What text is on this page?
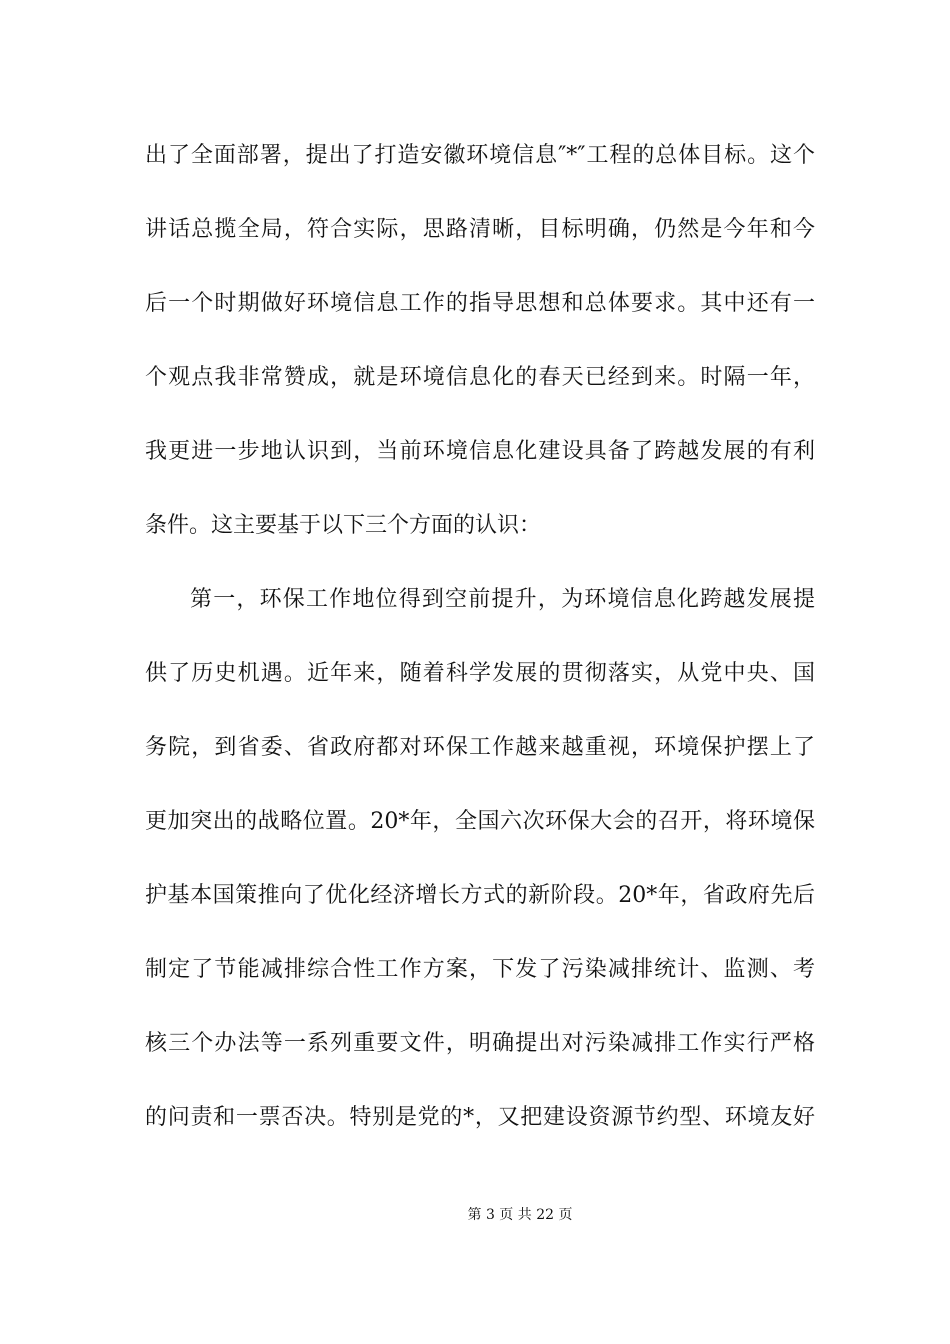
出了全面部署，提出了打造安徽环境信息″*″工程的总体目标。这个
讲话总揽全局，符合实际，思路清晰，目标明确，仍然是今年和今
后一个时期做好环境信息工作的指导思想和总体要求。其中还有一
个观点我非常赞成，就是环境信息化的春天已经到来。时隔一年，
我更进一步地认识到，当前环境信息化建设具备了跨越发展的有利
条件。这主要基于以下三个方面的认识：
第一，环保工作地位得到空前提升，为环境信息化跨越发展提
供了历史机遇。近年来，随着科学发展的贯彻落实，从党中央、国
务院，到省委、省政府都对环保工作越来越重视，环境保护摆上了
更加突出的战略位置。20*年，全国六次环保大会的召开，将环境保
护基本国策推向了优化经济增长方式的新阶段。20*年，省政府先后
制定了节能减排综合性工作方案，下发了污染减排统计、监测、考
核三个办法等一系列重要文件，明确提出对污染减排工作实行严格
的问责和一票否决。特别是党的*，又把建设资源节约型、环境友好
第 3 页 共 22 页
